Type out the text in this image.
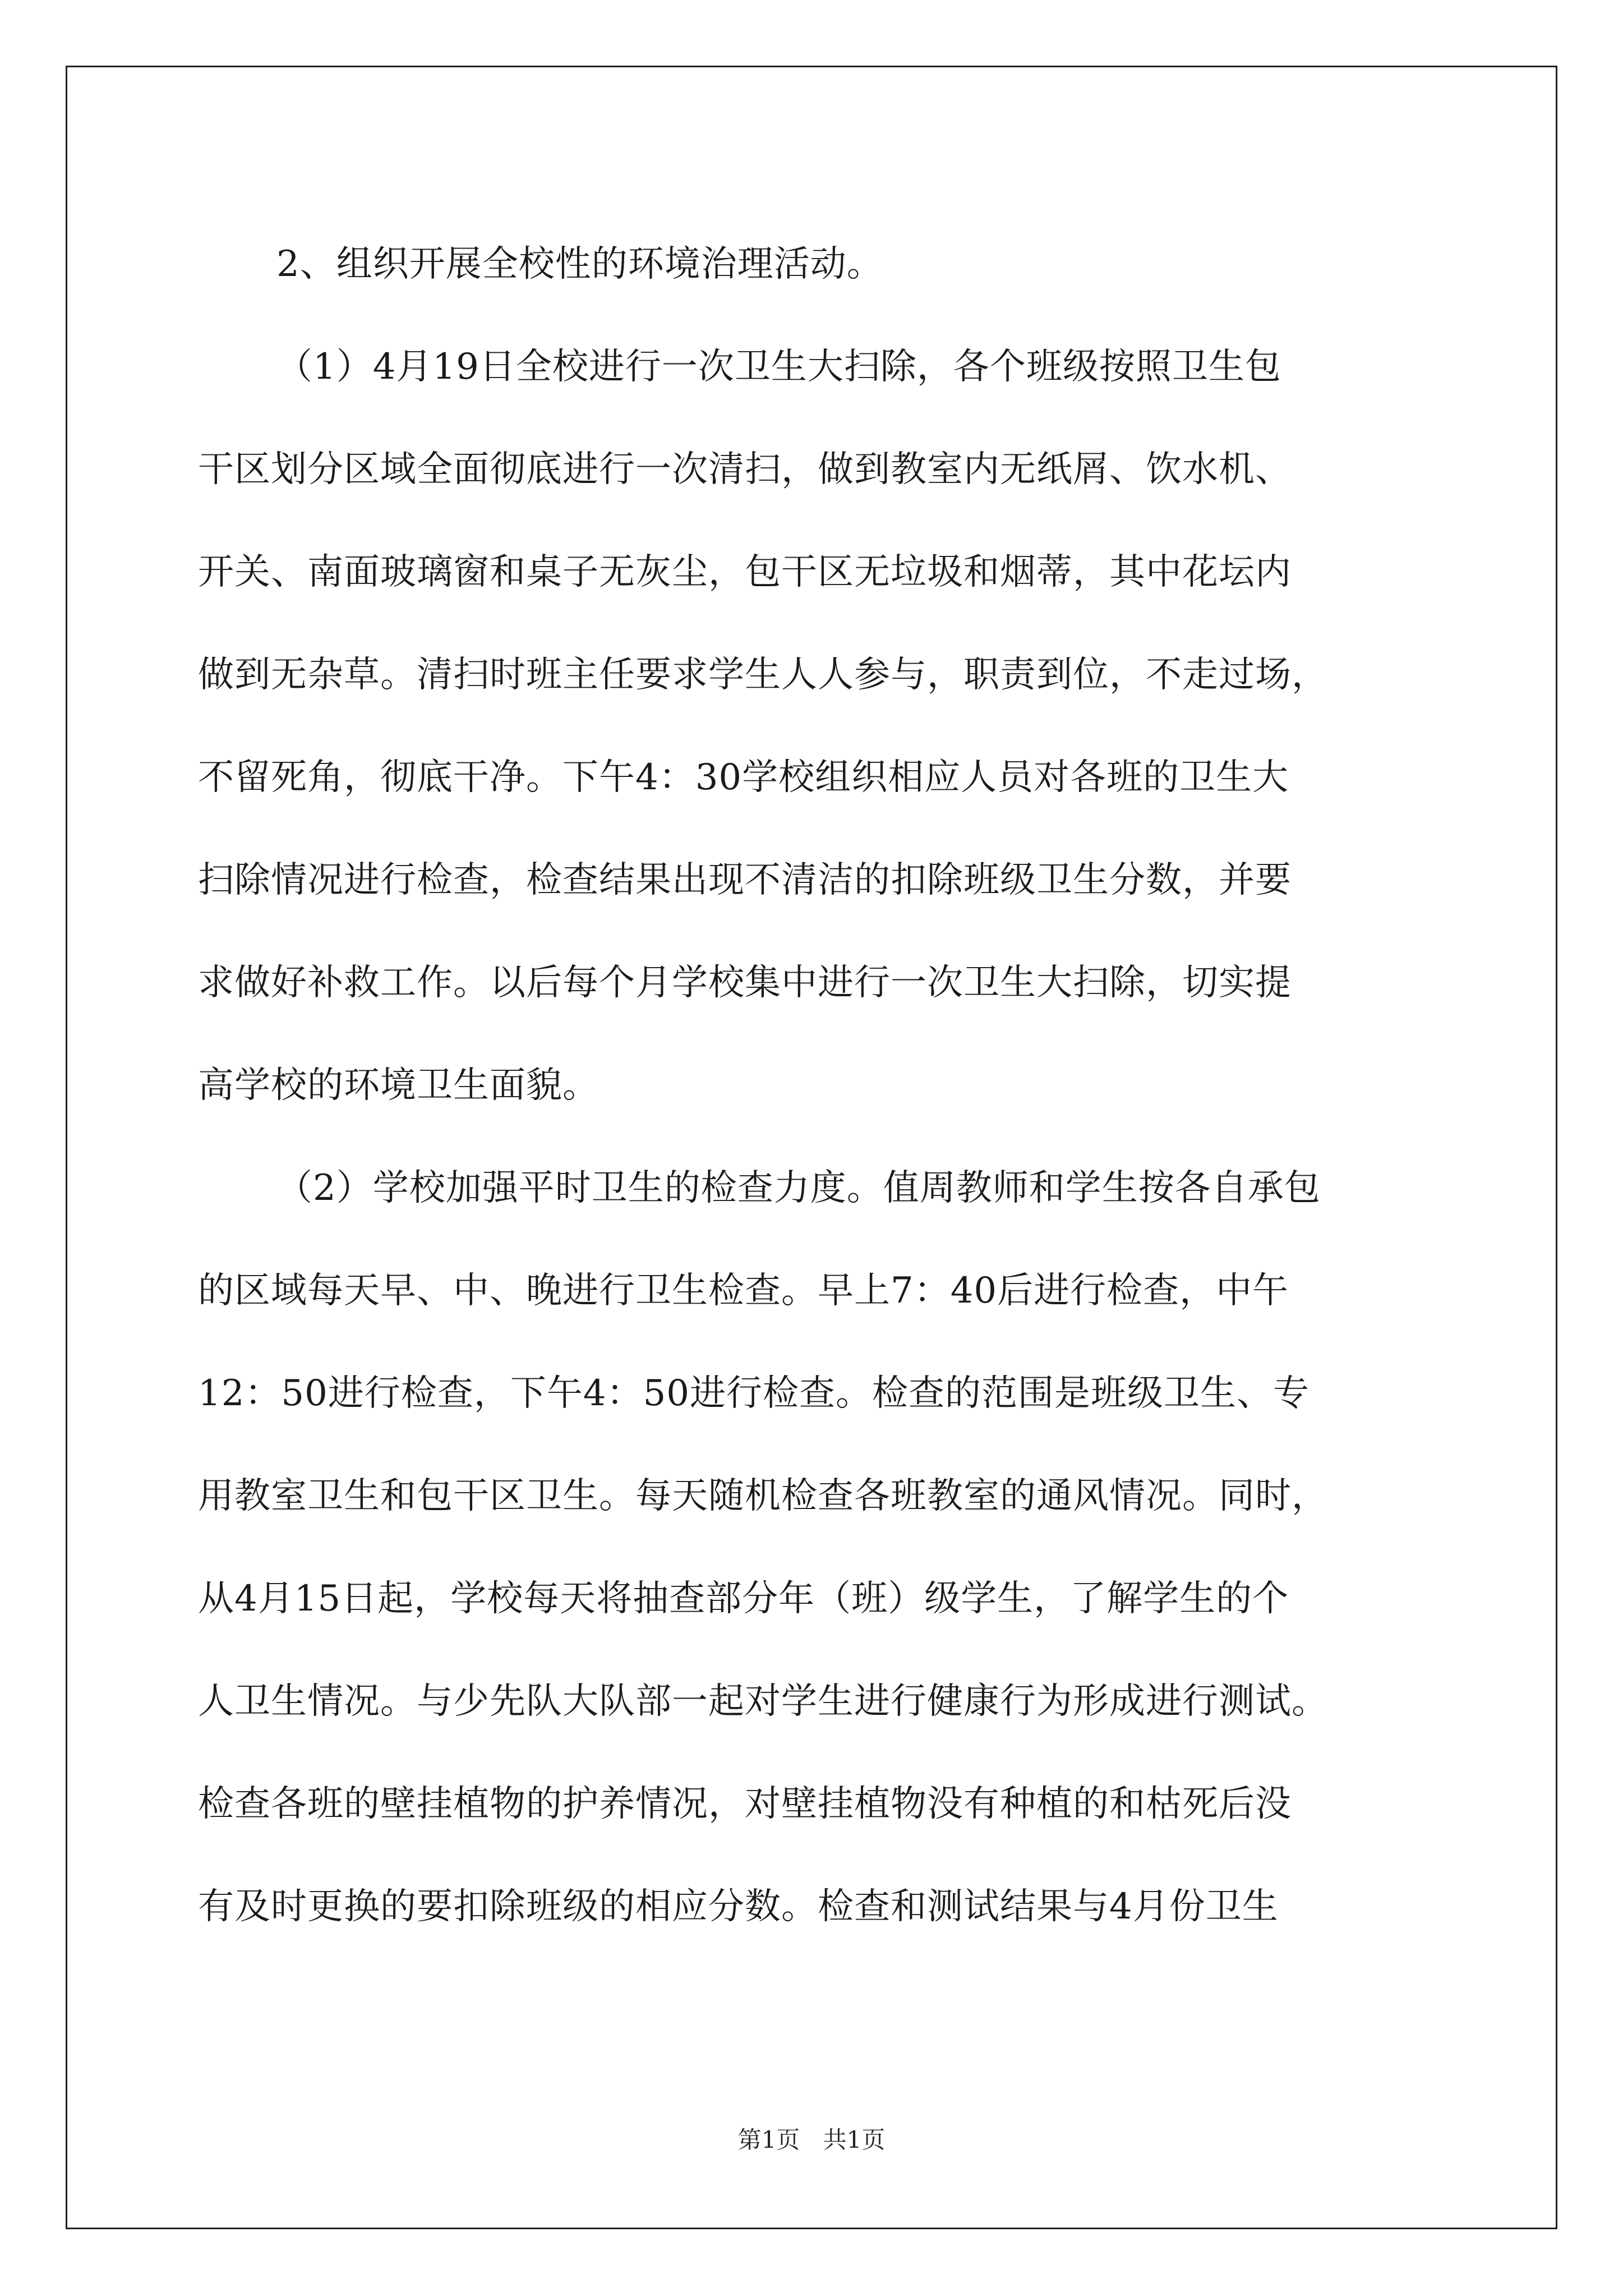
2、组织开展全校性的环境治理活动。
（1）4月19日全校进行一次卫生大扫除，各个班级按照卫生包
干区划分区域全面彻底进行一次清扫，做到教室内无纸屑、饮水机、
开关、南面玻璃窗和桌子无灰尘，包干区无垃圾和烟蒂，其中花坛内
做到无杂草。清扫时班主任要求学生人人参与，职责到位，不走过场，
不留死角，彻底干净。下午4：30学校组织相应人员对各班的卫生大
扫除情况进行检查，检查结果出现不清洁的扣除班级卫生分数，并要
求做好补救工作。以后每个月学校集中进行一次卫生大扫除，切实提
高学校的环境卫生面貌。
（2）学校加强平时卫生的检查力度。值周教师和学生按各自承包
的区域每天早、中、晚进行卫生检查。早上7：40后进行检查，中午
12：50进行检查，下午4：50进行检查。检查的范围是班级卫生、专
用教室卫生和包干区卫生。每天随机检查各班教室的通风情况。同时，
从4月15日起，学校每天将抽查部分年（班）级学生，了解学生的个
人卫生情况。与少先队大队部一起对学生进行健康行为形成进行测试。
检查各班的壁挂植物的护养情况，对壁挂植物没有种植的和枯死后没
有及时更换的要扣除班级的相应分数。检查和测试结果与4月份卫生
第1页 共1页
